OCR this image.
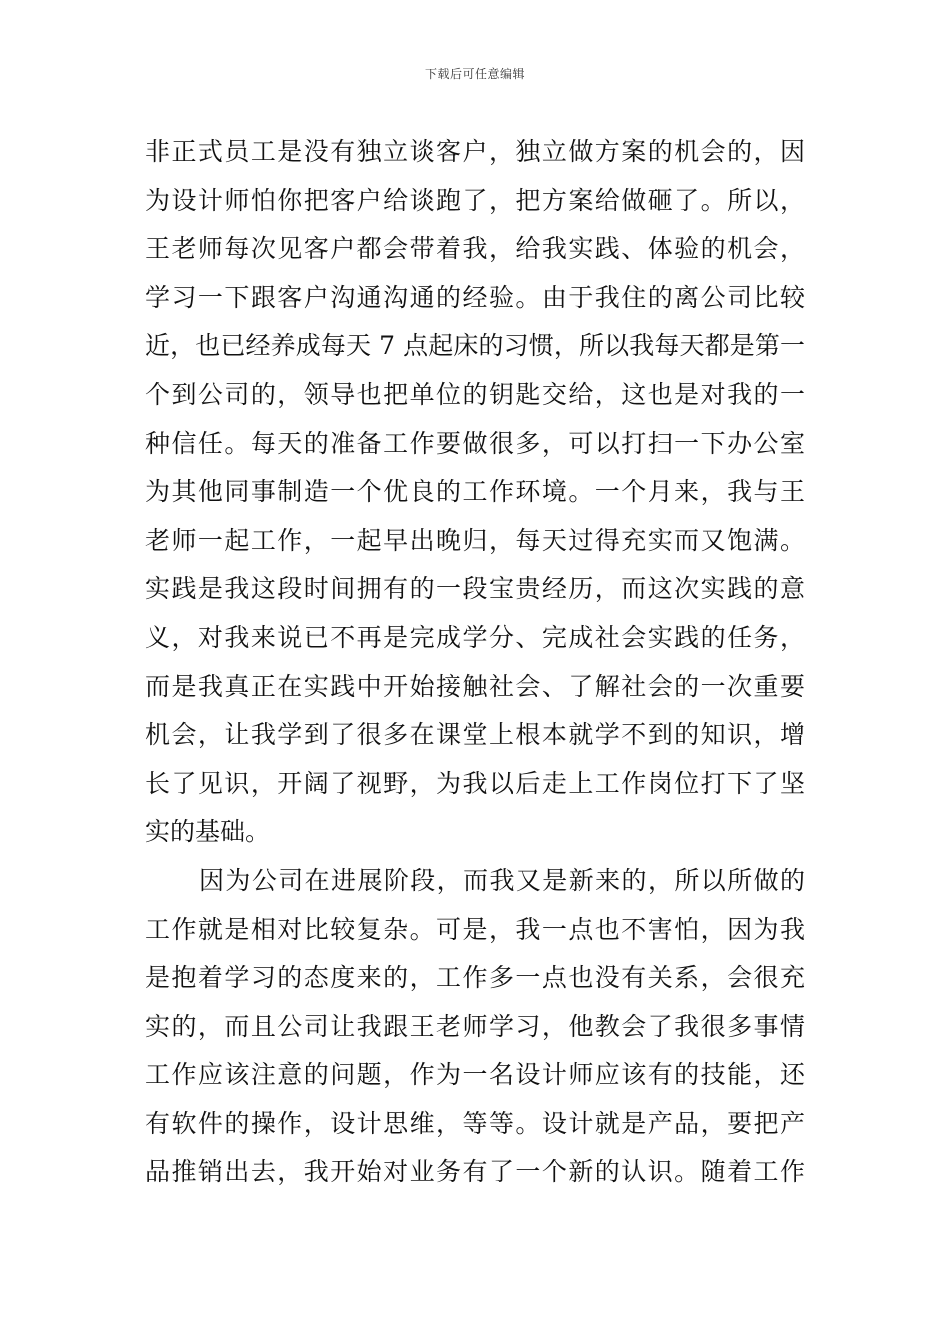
下载后可任意编辑
非正式员工是没有独立谈客户，独立做方案的机会的，因
为设计师怕你把客户给谈跑了，把方案给做砸了。所以，
王老师每次见客户都会带着我，给我实践、体验的机会，
学习一下跟客户沟通沟通的经验。由于我住的离公司比较
近，也已经养成每天 7 点起床的习惯，所以我每天都是第一
个到公司的，领导也把单位的钥匙交给，这也是对我的一
种信任。每天的准备工作要做很多，可以打扫一下办公室
为其他同事制造一个优良的工作环境。一个月来，我与王
老师一起工作，一起早出晚归，每天过得充实而又饱满。
实践是我这段时间拥有的一段宝贵经历，而这次实践的意
义，对我来说已不再是完成学分、完成社会实践的任务，
而是我真正在实践中开始接触社会、了解社会的一次重要
机会，让我学到了很多在课堂上根本就学不到的知识，增
长了见识，开阔了视野，为我以后走上工作岗位打下了坚
实的基础。
因为公司在进展阶段，而我又是新来的，所以所做的
工作就是相对比较复杂。可是，我一点也不害怕，因为我
是抱着学习的态度来的，工作多一点也没有关系，会很充
实的，而且公司让我跟王老师学习，他教会了我很多事情
工作应该注意的问题，作为一名设计师应该有的技能，还
有软件的操作，设计思维，等等。设计就是产品，要把产
品推销出去，我开始对业务有了一个新的认识。随着工作
